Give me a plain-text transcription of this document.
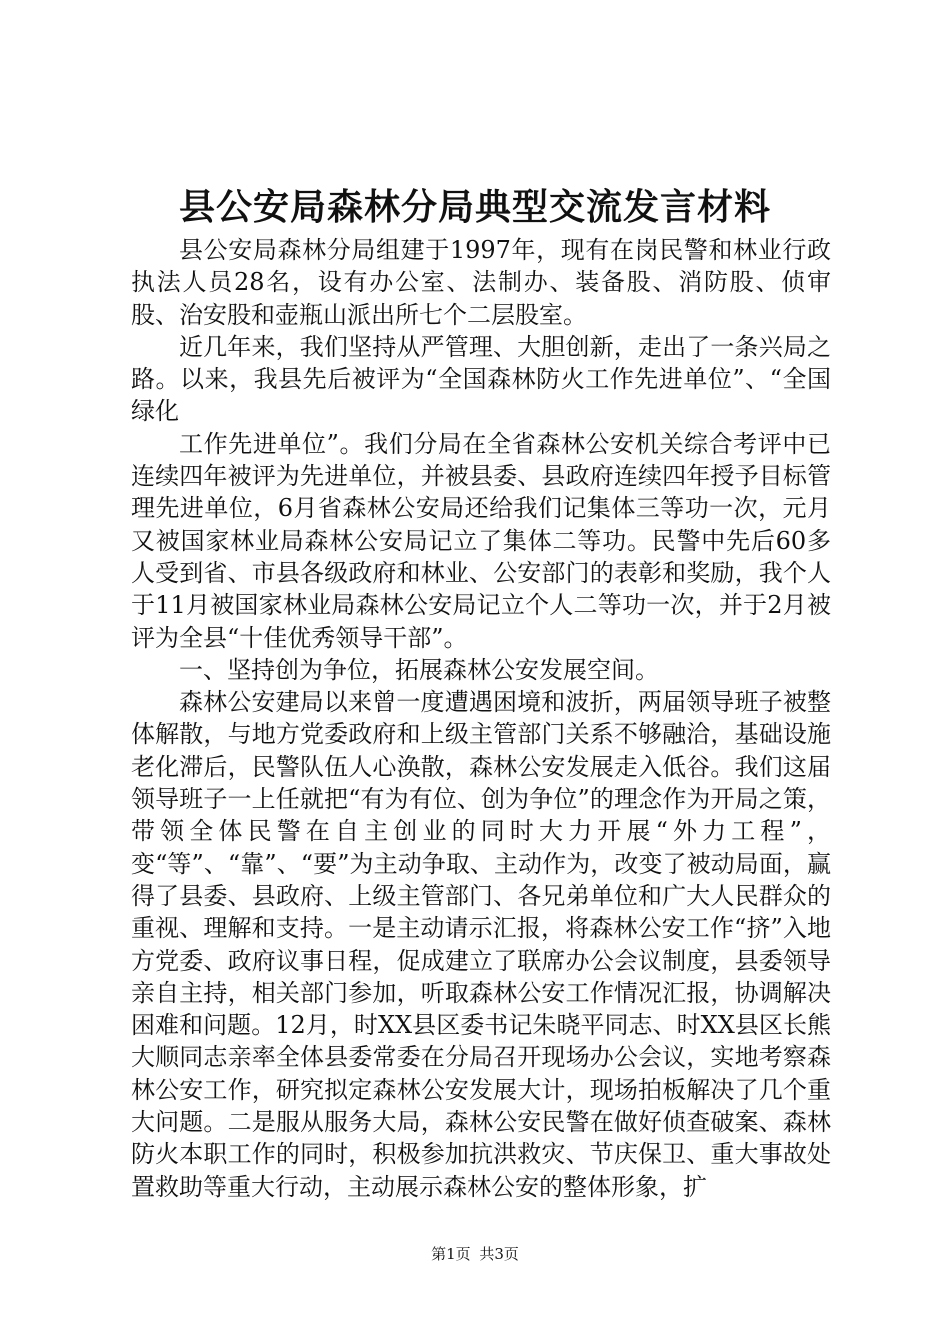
县公安局森林分局典型交流发言材料

县公安局森林分局组建于1997年，现有在岗民警和林业行政执法人员28名，设有办公室、法制办、装备股、消防股、侦审股、治安股和壶瓶山派出所七个二层股室。

近几年来，我们坚持从严管理、大胆创新，走出了一条兴局之路。以来，我县先后被评为“全国森林防火工作先进单位”、“全国绿化

工作先进单位”。我们分局在全省森林公安机关综合考评中已连续四年被评为先进单位，并被县委、县政府连续四年授予目标管理先进单位，6月省森林公安局还给我们记集体三等功一次，元月又被国家林业局森林公安局记立了集体二等功。民警中先后60多人受到省、市县各级政府和林业、公安部门的表彰和奖励，我个人于11月被国家林业局森林公安局记立个人二等功一次，并于2月被评为全县“十佳优秀领导干部”。

一、坚持创为争位，拓展森林公安发展空间。

森林公安建局以来曾一度遭遇困境和波折，两届领导班子被整体解散，与地方党委政府和上级主管部门关系不够融洽，基础设施老化滞后，民警队伍人心涣散，森林公安发展走入低谷。我们这届领导班子一上任就把“有为有位、创为争位”的理念作为开局之策，带领全体民警在自主创业的同时大力开展“外力工程”，变“等”、“靠”、“要”为主动争取、主动作为，改变了被动局面，赢得了县委、县政府、上级主管部门、各兄弟单位和广大人民群众的重视、理解和支持。一是主动请示汇报，将森林公安工作“挤”入地方党委、政府议事日程，促成建立了联席办公会议制度，县委领导亲自主持，相关部门参加，听取森林公安工作情况汇报，协调解决困难和问题。12月，时XX县区委书记朱晓平同志、时XX县区长熊大顺同志亲率全体县委常委在分局召开现场办公会议，实地考察森林公安工作，研究拟定森林公安发展大计，现场拍板解决了几个重大问题。二是服从服务大局，森林公安民警在做好侦查破案、森林防火本职工作的同时，积极参加抗洪救灾、节庆保卫、重大事故处置救助等重大行动，主动展示森林公安的整体形象，扩

第1页 共3页
